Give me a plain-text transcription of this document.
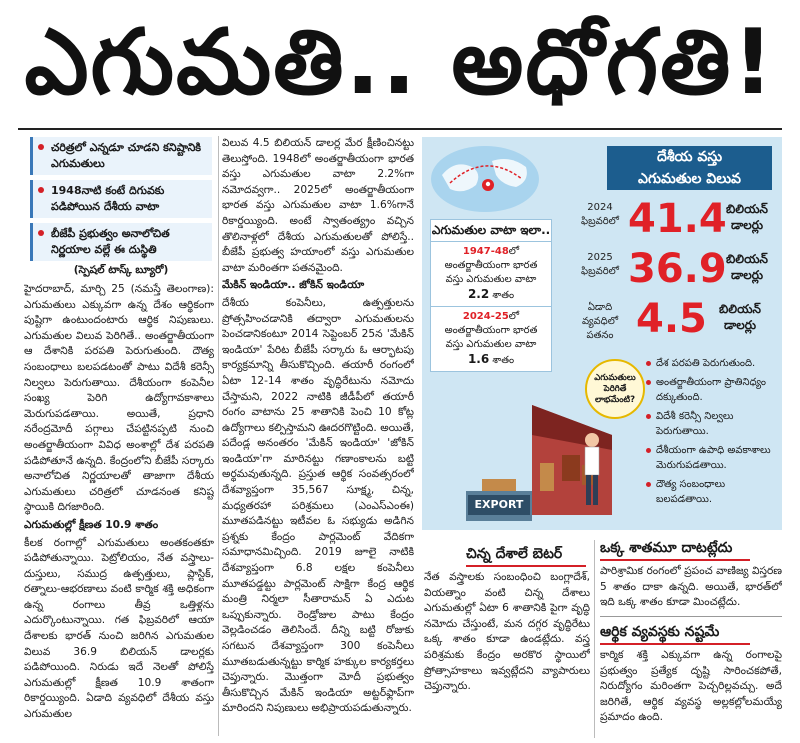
ఎగుమతి.. అధోగతి!
చరిత్రలో ఎన్నడూ చూడని కనిష్టానికి ఎగుమతులు
1948నాటి కంటే దిగువకు పడిపోయిన దేశీయ వాటా
బీజేపీ ప్రభుత్వం అనాలోచిత నిర్ణయాల వల్లే ఈ దుస్థితి
(స్పెషల్ టాస్క్ బ్యూరో)

హైదరాబాద్, మార్చి 25 (నమస్తే తెలంగాణ): ఎగుమతులు ఎక్కువగా ఉన్న దేశం ఆర్థికంగా పుష్టిగా ఉంటుందంటారు ఆర్థిక నిపుణులు. ఎగుమతుల విలువ పెరిగితే.. అంతర్జాతీయంగా ఆ దేశానికి పరపతి పెరుగుతుంది. దౌత్య సంబంధాలు బలపడటంతో పాటు విదేశీ కరెన్సీ నిల్వలు పెరుగుతాయి. దేశీయంగా కంపెనీల సంఖ్య పెరిగి ఉద్యోగావకాశాలు మెరుగుపడతాయి. అయితే, ప్రధాని నరేంద్రమోదీ పగ్గాలు చేపట్టినప్పటి నుంచి అంతర్జాతీయంగా వివిధ అంశాల్లో దేశ పరపతి పడిపోతూనే ఉన్నది. కేంద్రంలోని బీజేపీ సర్కారు అనాలోచిత నిర్ణయాలతో తాజాగా దేశీయ ఎగుమతులు చరిత్రలో చూడనంత కనిష్ట స్థాయికి దిగజారింది.

ఎగుమతుల్లో క్షీణత 10.9 శాతం

కీలక రంగాల్లో ఎగుమతులు అంతకంతకూ పడిపోతున్నాయి. పెట్రోలియం, నేత వస్త్రాలు-దుస్తులు, సముద్ర ఉత్పత్తులు, ప్లాస్టిక్, రత్నాలు-ఆభరణాలు వంటి కార్మిక శక్తి అధికంగా ఉన్న రంగాలు తీవ్ర ఒత్తిళ్లను ఎదుర్కొంటున్నాయి. గత ఫిబ్రవరిలో ఆయా దేశాలకు భారత్ నుంచి జరిగిన ఎగుమతుల విలువ 36.9 బిలియన్ డాలర్లకు పడిపోయింది. నిరుడు ఇదే నెలతో పోలిస్తే ఎగుమతుల్లో క్షీణత 10.9 శాతంగా రికార్డయ్యింది. ఏడాది వ్యవధిలో దేశీయ వస్తు ఎగుమతుల

విలువ 4.5 బిలియన్ డాలర్ల మేర క్షీణించినట్టు తెలుస్తోంది. 1948లో అంతర్జాతీయంగా భారత వస్తు ఎగుమతుల వాటా 2.2%గా నమోదవ్వగా.. 2025లో అంతర్జాతీయంగా భారత వస్తు ఎగుమతుల వాటా 1.6%గానే రికార్డయ్యింది. అంటే స్వాతంత్య్రం వచ్చిన తొలినాళ్లలో దేశీయ ఎగుమతులతో పోలిస్తే.. బీజేపీ ప్రభుత్వ హయాంలో వస్తు ఎగుమతుల వాటా మరింతగా పతనమైంది.

మేకిన్ ఇండియా.. జోకిన్ ఇండియా

దేశీయ కంపెనీలు, ఉత్పత్తులను ప్రోత్సహించడానికి తద్వారా ఎగుమతులను పెంచడానికంటూ 2014 సెప్టెంబర్ 25న 'మేకిన్ ఇండియా' పేరిట బీజేపీ సర్కారు ఓ ఆర్భాటపు కార్యక్రమాన్ని తీసుకొచ్చింది. తయారీ రంగంలో ఏటా 12-14 శాతం వృద్ధిరేటును నమోదు చేస్తామని, 2022 నాటికి జీడీపీలో తయారీ రంగం వాటాను 25 శాతానికి పెంచి 10 కోట్ల ఉద్యోగాలు కల్పిస్తామని ఊదరగొట్టింది. అయితే, పదేండ్ల అనంతరం 'మేకిన్ ఇండియా' 'జోకిన్ ఇండియా'గా మారినట్టు గణాంకాలను బట్టి అర్థమవుతున్నది. ప్రస్తుత ఆర్థిక సంవత్సరంలో దేశవ్యాప్తంగా 35,567 సూక్ష్మ, చిన్న, మధ్యతరహా పరిశ్రమలు (ఎంఎస్ఎంఈ) మూతపడినట్టు ఇటీవల ఓ సభ్యుడు అడిగిన ప్రశ్నకు కేంద్రం పార్లమెంట్ వేదికగా సమాధానమిచ్చింది. 2019 జూలై నాటికి దేశవ్యాప్తంగా 6.8 లక్షల కంపెనీలు మూతపడ్డట్టు పార్లమెంట్ సాక్షిగా కేంద్ర ఆర్థిక మంత్రి నిర్మలా సీతారామన్ ఏ ఎదుట ఒప్పుకున్నారు. రెండ్రోజుల పాటు కేంద్రం వెల్లడించడం తెలిసిందే. దీన్ని బట్టి రోజుకు సగటున దేశవ్యాప్తంగా 300 కంపెనీలు మూతబడుతున్నట్టు కార్మిక హక్కుల కార్యకర్తలు చెప్తున్నారు. మొత్తంగా మోదీ ప్రభుత్వం తీసుకొచ్చిన మేకిన్ ఇండియా అట్టర్‌ఫ్లాప్‌గా మారిందని నిపుణులు అభిప్రాయపడుతున్నారు.

దేశీయ వస్తు
ఎగుమతుల విలువ
2024
ఫిబ్రవరిలో 41.4 బిలియన్
డాలర్లు
2025
ఫిబ్రవరిలో 36.9 బిలియన్
డాలర్లు
ఏడాది వ్యవధిలో
పతనం 4.5	బిలియన్
డాలర్లు
ఎగుమతుల వాటా ఇలా..
1947-48లో అంతర్జాతీయంగా భారత వస్తు ఎగుమతుల వాటా 2.2 శాతం
2024-25లో అంతర్జాతీయంగా భారత వస్తు ఎగుమతుల వాటా 1.6 శాతం
EXPORT
ఎగుమతులు పెరిగితే లాభమేంటి?
దేశ పరపతి పెరుగుతుంది.
అంతర్జాతీయంగా ప్రాతినిధ్యం దక్కుతుంది.
విదేశీ కరెన్సీ నిల్వలు పెరుగుతాయి.
దేశీయంగా ఉపాధి అవకాశాలు మెరుగుపడతాయి.
దౌత్య సంబంధాలు బలపడతాయి.
చిన్న దేశాలే బెటర్
నేత వస్త్రాలకు సంబంధించి బంగ్లాదేశ్, వియత్నాం వంటి చిన్న దేశాలు ఎగుమతుల్లో ఏటా 6 శాతానికి పైగా వృద్ధి నమోదు చేస్తుంటే, మన దగ్గర వృద్ధిరేటు ఒక్క శాతం కూడా ఉండట్లేదు. వస్త్ర పరిశ్రమకు కేంద్రం అరకొర స్థాయిలో ప్రోత్సాహకాలు ఇవ్వట్లేదని వ్యాపారులు చెప్తున్నారు.
ఒక్క శాతమూ దాటట్లేదు
పారిశ్రామిక రంగంలో ప్రపంచ వాణిజ్య విస్తరణ 5 శాతం దాకా ఉన్నది. అయితే, భారత్‌లో ఇది ఒక్క శాతం కూడా మించట్లేదు.
ఆర్థిక వ్యవస్థకు నష్టమే
కార్మిక శక్తి ఎక్కువగా ఉన్న రంగాలపై ప్రభుత్వం ప్రత్యేక దృష్టి సారించకపోతే, నిరుద్యోగం మరింతగా పెచ్చరిల్లవచ్చు. అదే జరిగితే, ఆర్థిక వ్యవస్థ అల్లకల్లోలమయ్యే ప్రమాదం ఉంది.
